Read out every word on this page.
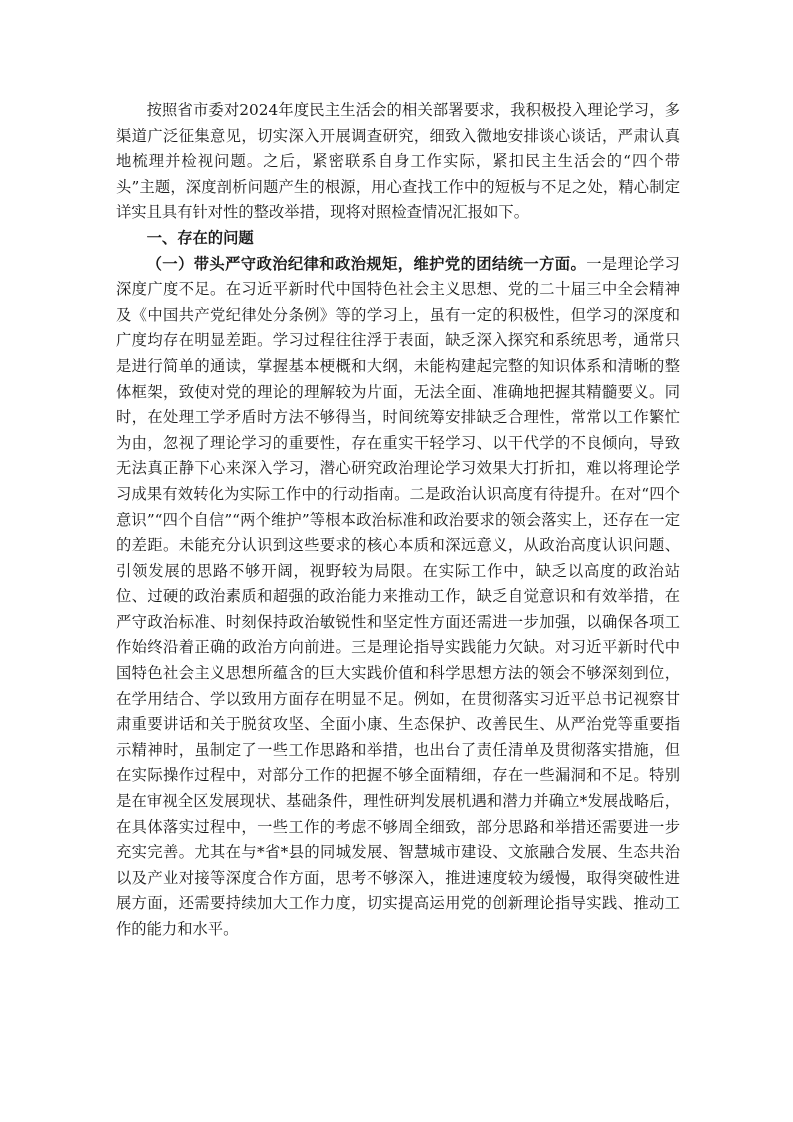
按照省市委对2024年度民主生活会的相关部署要求，我积极投入理论学习，多渠道广泛征集意见，切实深入开展调查研究，细致入微地安排谈心谈话，严肃认真地梳理并检视问题。之后，紧密联系自身工作实际，紧扣民主生活会的“四个带头”主题，深度剖析问题产生的根源，用心查找工作中的短板与不足之处，精心制定详实且具有针对性的整改举措，现将对照检查情况汇报如下。

一、存在的问题

（一）带头严守政治纪律和政治规矩，维护党的团结统一方面。一是理论学习深度广度不足。在习近平新时代中国特色社会主义思想、党的二十届三中全会精神及《中国共产党纪律处分条例》等的学习上，虽有一定的积极性，但学习的深度和广度均存在明显差距。学习过程往往浮于表面，缺乏深入探究和系统思考，通常只是进行简单的通读，掌握基本梗概和大纲，未能构建起完整的知识体系和清晰的整体框架，致使对党的理论的理解较为片面，无法全面、准确地把握其精髓要义。同时，在处理工学矛盾时方法不够得当，时间统筹安排缺乏合理性，常常以工作繁忙为由，忽视了理论学习的重要性，存在重实干轻学习、以干代学的不良倾向，导致无法真正静下心来深入学习，潜心研究政治理论学习效果大打折扣，难以将理论学习成果有效转化为实际工作中的行动指南。二是政治认识高度有待提升。在对“四个意识”“四个自信”“两个维护”等根本政治标准和政治要求的领会落实上，还存在一定的差距。未能充分认识到这些要求的核心本质和深远意义，从政治高度认识问题、引领发展的思路不够开阔，视野较为局限。在实际工作中，缺乏以高度的政治站位、过硬的政治素质和超强的政治能力来推动工作，缺乏自觉意识和有效举措，在严守政治标准、时刻保持政治敏锐性和坚定性方面还需进一步加强，以确保各项工作始终沿着正确的政治方向前进。三是理论指导实践能力欠缺。对习近平新时代中国特色社会主义思想所蕴含的巨大实践价值和科学思想方法的领会不够深刻到位，在学用结合、学以致用方面存在明显不足。例如，在贯彻落实习近平总书记视察甘肃重要讲话和关于脱贫攻坚、全面小康、生态保护、改善民生、从严治党等重要指示精神时，虽制定了一些工作思路和举措，也出台了责任清单及贯彻落实措施，但在实际操作过程中，对部分工作的把握不够全面精细，存在一些漏洞和不足。特别是在审视全区发展现状、基础条件，理性研判发展机遇和潜力并确立*发展战略后，在具体落实过程中，一些工作的考虑不够周全细致，部分思路和举措还需要进一步充实完善。尤其在与*省*县的同城发展、智慧城市建设、文旅融合发展、生态共治以及产业对接等深度合作方面，思考不够深入，推进速度较为缓慢，取得突破性进展方面，还需要持续加大工作力度，切实提高运用党的创新理论指导实践、推动工作的能力和水平。
